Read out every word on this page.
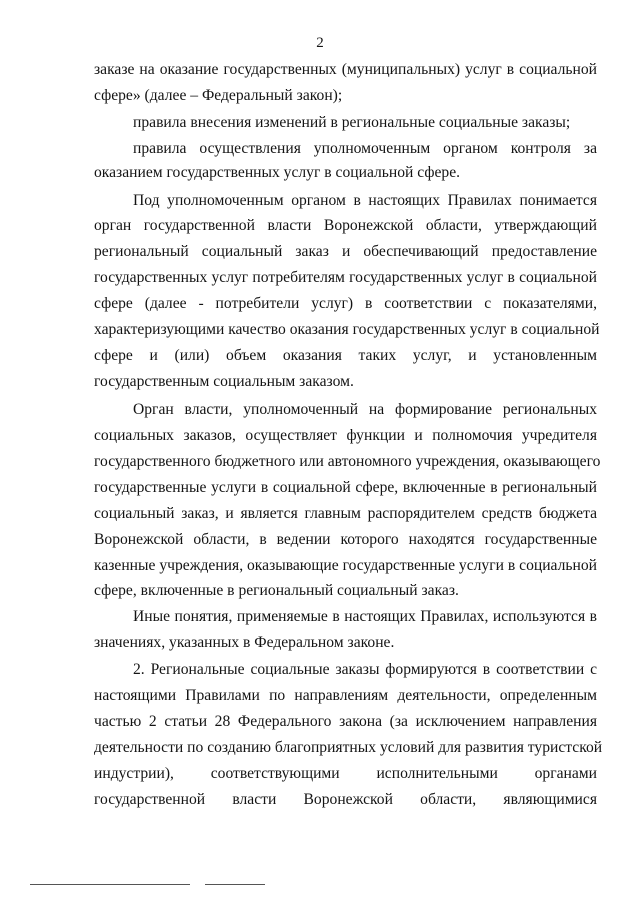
2
заказе на оказание государственных (муниципальных) услуг в социальной
сфере» (далее – Федеральный закон);
правила внесения изменений в региональные социальные заказы;
правила осуществления уполномоченным органом контроля за
оказанием государственных услуг в социальной сфере.
Под уполномоченным органом в настоящих Правилах понимается
орган государственной власти Воронежской области, утверждающий
региональный социальный заказ и обеспечивающий предоставление
государственных услуг потребителям государственных услуг в социальной
сфере (далее - потребители услуг) в соответствии с показателями,
характеризующими качество оказания государственных услуг в социальной
сфере и (или) объем оказания таких услуг, и установленным
государственным социальным заказом.
Орган власти, уполномоченный на формирование региональных
социальных заказов, осуществляет функции и полномочия учредителя
государственного бюджетного или автономного учреждения, оказывающего
государственные услуги в социальной сфере, включенные в региональный
социальный заказ, и является главным распорядителем средств бюджета
Воронежской области, в ведении которого находятся государственные
казенные учреждения, оказывающие государственные услуги в социальной
сфере, включенные в региональный социальный заказ.
Иные понятия, применяемые в настоящих Правилах, используются в
значениях, указанных в Федеральном законе.
2. Региональные социальные заказы формируются в соответствии с
настоящими Правилами по направлениям деятельности, определенным
частью 2 статьи 28 Федерального закона (за исключением направления
деятельности по созданию благоприятных условий для развития туристской
индустрии), соответствующими исполнительными органами
государственной власти Воронежской области, являющимися
